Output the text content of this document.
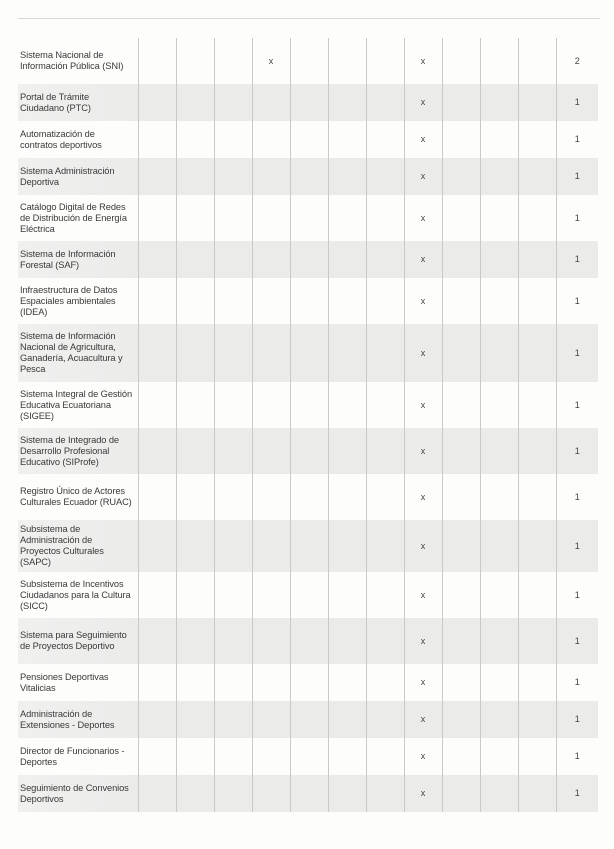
Sistema Nacional de Información Pública (SNI)				x				x				2
Portal de Trámite Ciudadano (PTC)								x				1
Automatización de contratos deportivos								x				1
Sistema Administración Deportiva								x				1
Catálogo Digital de Redes de Distribución de Energía Eléctrica								x				1
Sistema de Información Forestal (SAF)								x				1
Infraestructura de Datos Espaciales ambientales (IDEA)								x				1
Sistema de Información Nacional de Agricultura, Ganadería, Acuacultura y Pesca								x				1
Sistema Integral de Gestión Educativa Ecuatoriana (SIGEE)								x				1
Sistema de Integrado de Desarrollo Profesional Educativo (SIProfe)								x				1
Registro Único de Actores Culturales Ecuador (RUAC)								x				1
Subsistema de Administración de Proyectos Culturales (SAPC)								x				1
Subsistema de Incentivos Ciudadanos para la Cultura (SICC)								x				1
Sistema para Seguimiento de Proyectos Deportivo								x				1
Pensiones Deportivas Vitalicias								x				1
Administración de Extensiones - Deportes								x				1
Director de Funcionarios - Deportes								x				1
Seguimiento de Convenios Deportivos								x				1
